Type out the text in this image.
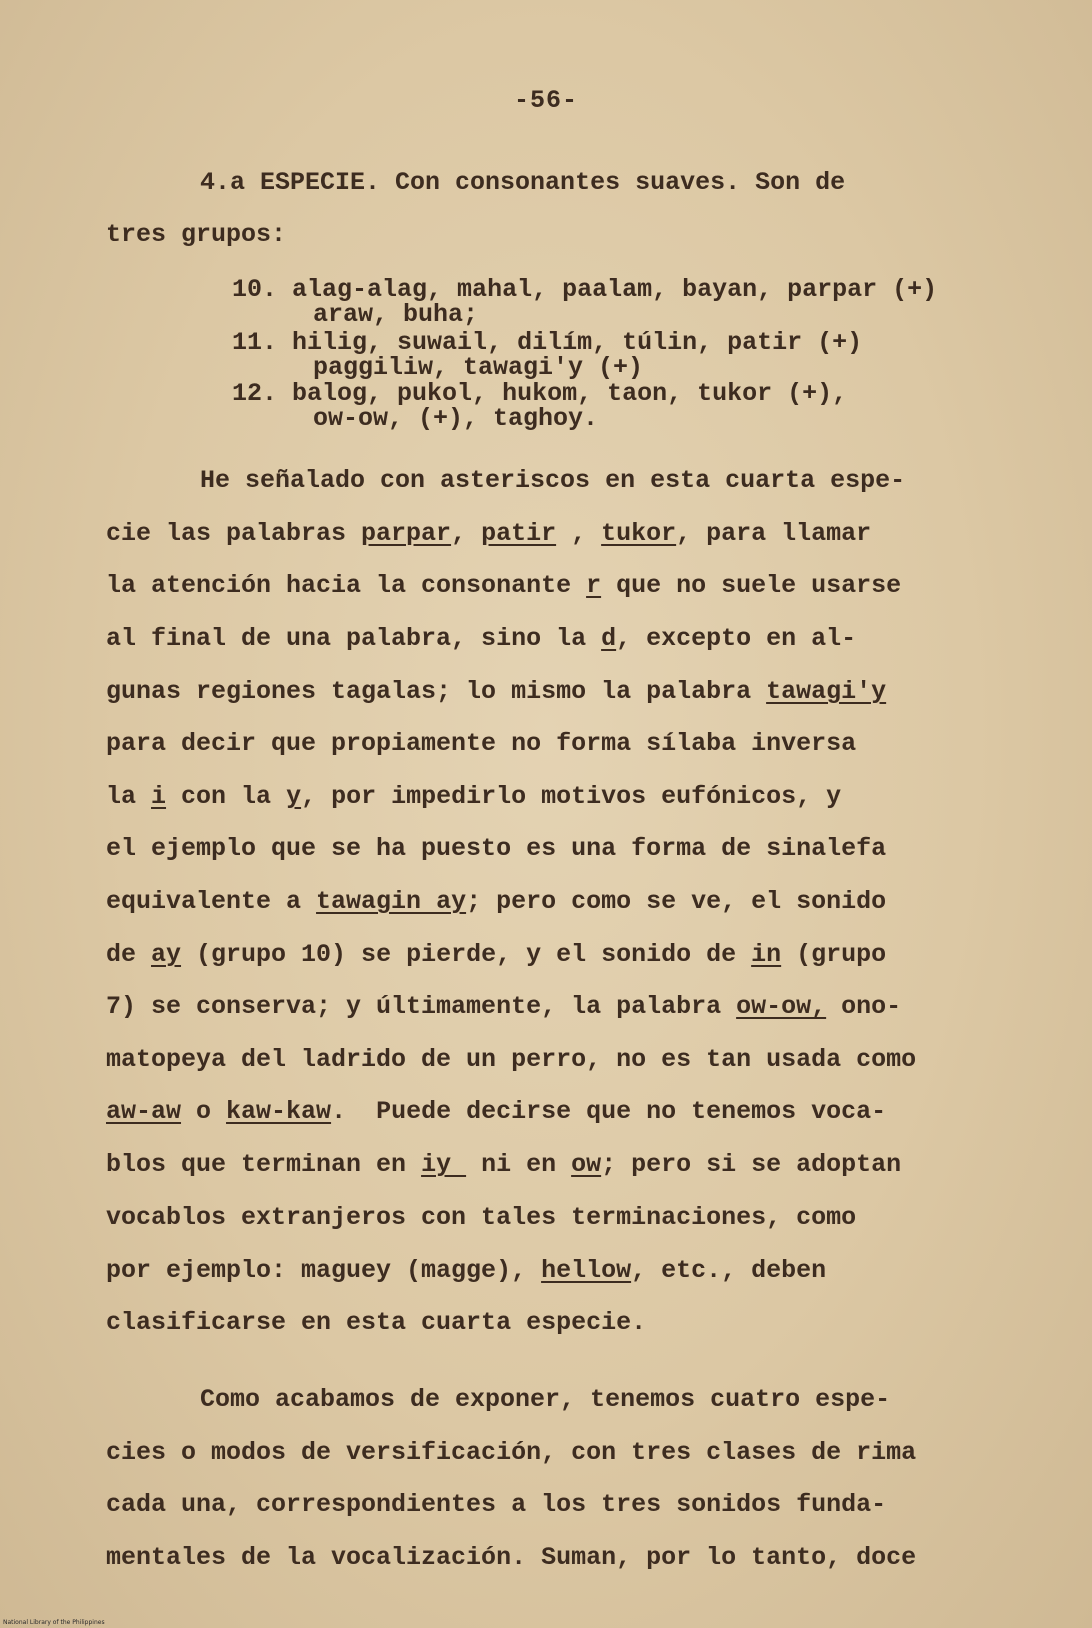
-56-
4.a ESPECIE. Con consonantes suaves. Son de
tres grupos:
10. alag-alag, mahal, paalam, bayan, parpar (+)
araw, buha;
11. hilig, suwail, dilím, túlin, patir (+)
paggiliw, tawagi'y (+)
12. balog, pukol, hukom, taon, tukor (+),
ow-ow, (+), taghoy.
He señalado con asteriscos en esta cuarta espe-
cie las palabras parpar, patir , tukor, para llamar
la atención hacia la consonante r que no suele usarse
al final de una palabra, sino la d, excepto en al-
gunas regiones tagalas; lo mismo la palabra tawagi'y
para decir que propiamente no forma sílaba inversa
la i con la y, por impedirlo motivos eufónicos, y
el ejemplo que se ha puesto es una forma de sinalefa
equivalente a tawagin ay; pero como se ve, el sonido
de ay (grupo 10) se pierde, y el sonido de in (grupo
7) se conserva; y últimamente, la palabra ow-ow, ono-
matopeya del ladrido de un perro, no es tan usada como
aw-aw o kaw-kaw.  Puede decirse que no tenemos voca-
blos que terminan en iy  ni en ow; pero si se adoptan
vocablos extranjeros con tales terminaciones, como
por ejemplo: maguey (magge), hellow, etc., deben
clasificarse en esta cuarta especie.
Como acabamos de exponer, tenemos cuatro espe-
cies o modos de versificación, con tres clases de rima
cada una, correspondientes a los tres sonidos funda-
mentales de la vocalización. Suman, por lo tanto, doce
National Library of the Philippines
